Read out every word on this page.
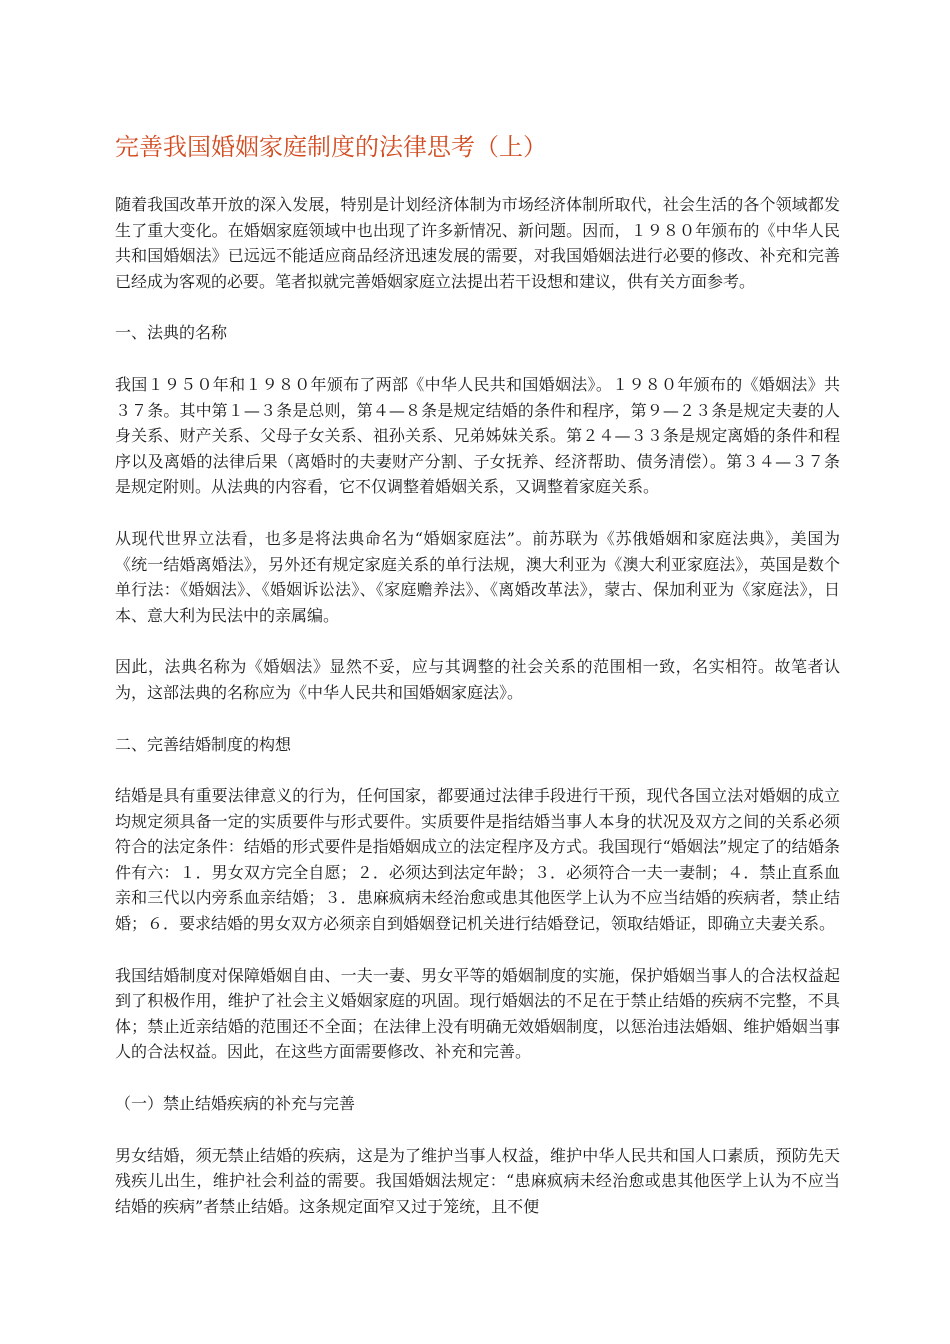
完善我国婚姻家庭制度的法律思考（上）

随着我国改革开放的深入发展，特别是计划经济体制为市场经济体制所取代，社会生活的各个领域都发生了重大变化。在婚姻家庭领域中也出现了许多新情况、新问题。因而，１９８０年颁布的《中华人民共和国婚姻法》已远远不能适应商品经济迅速发展的需要，对我国婚姻法进行必要的修改、补充和完善已经成为客观的必要。笔者拟就完善婚姻家庭立法提出若干设想和建议，供有关方面参考。

一、法典的名称

我国１９５０年和１９８０年颁布了两部《中华人民共和国婚姻法》。１９８０年颁布的《婚姻法》共３７条。其中第１—３条是总则，第４—８条是规定结婚的条件和程序，第９—２３条是规定夫妻的人身关系、财产关系、父母子女关系、祖孙关系、兄弟姊妹关系。第２４—３３条是规定离婚的条件和程序以及离婚的法律后果（离婚时的夫妻财产分割、子女抚养、经济帮助、债务清偿）。第３４—３７条是规定附则。从法典的内容看，它不仅调整着婚姻关系，又调整着家庭关系。

从现代世界立法看，也多是将法典命名为“婚姻家庭法”。前苏联为《苏俄婚姻和家庭法典》，美国为《统一结婚离婚法》，另外还有规定家庭关系的单行法规，澳大利亚为《澳大利亚家庭法》，英国是数个单行法：《婚姻法》、《婚姻诉讼法》、《家庭赡养法》、《离婚改革法》，蒙古、保加利亚为《家庭法》，日本、意大利为民法中的亲属编。

因此，法典名称为《婚姻法》显然不妥，应与其调整的社会关系的范围相一致，名实相符。故笔者认为，这部法典的名称应为《中华人民共和国婚姻家庭法》。

二、完善结婚制度的构想

结婚是具有重要法律意义的行为，任何国家，都要通过法律手段进行干预，现代各国立法对婚姻的成立均规定须具备一定的实质要件与形式要件。实质要件是指结婚当事人本身的状况及双方之间的关系必须符合的法定条件：结婚的形式要件是指婚姻成立的法定程序及方式。我国现行“婚姻法”规定了的结婚条件有六：１．男女双方完全自愿；２．必须达到法定年龄；３．必须符合一夫一妻制；４．禁止直系血亲和三代以内旁系血亲结婚；３．患麻疯病未经治愈或患其他医学上认为不应当结婚的疾病者，禁止结婚；６．要求结婚的男女双方必须亲自到婚姻登记机关进行结婚登记，领取结婚证，即确立夫妻关系。

我国结婚制度对保障婚姻自由、一夫一妻、男女平等的婚姻制度的实施，保护婚姻当事人的合法权益起到了积极作用，维护了社会主义婚姻家庭的巩固。现行婚姻法的不足在于禁止结婚的疾病不完整，不具体；禁止近亲结婚的范围还不全面；在法律上没有明确无效婚姻制度，以惩治违法婚姻、维护婚姻当事人的合法权益。因此，在这些方面需要修改、补充和完善。

（一）禁止结婚疾病的补充与完善

男女结婚，须无禁止结婚的疾病，这是为了维护当事人权益，维护中华人民共和国人口素质，预防先天残疾儿出生，维护社会利益的需要。我国婚姻法规定：“患麻疯病未经治愈或患其他医学上认为不应当结婚的疾病”者禁止结婚。这条规定面窄又过于笼统，且不便
